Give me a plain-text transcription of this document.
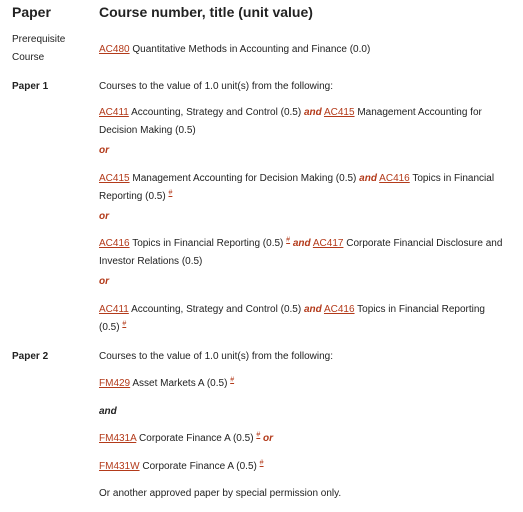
Paper	Course number, title (unit value)
Prerequisite
Course
AC480 Quantitative Methods in Accounting and Finance (0.0)
Paper 1	Courses to the value of 1.0 unit(s) from the following:
AC411 Accounting, Strategy and Control (0.5) and AC415 Management Accounting for
Decision Making (0.5)
or
AC415 Management Accounting for Decision Making (0.5) and AC416 Topics in Financial
Reporting (0.5) #
or
AC416 Topics in Financial Reporting (0.5) # and AC417 Corporate Financial Disclosure and
Investor Relations (0.5)
or
AC411 Accounting, Strategy and Control (0.5) and AC416 Topics in Financial Reporting
(0.5) #
Paper 2	Courses to the value of 1.0 unit(s) from the following:
FM429 Asset Markets A (0.5) #
and
FM431A Corporate Finance A (0.5) # or
FM431W Corporate Finance A (0.5) #
Or another approved paper by special permission only.
